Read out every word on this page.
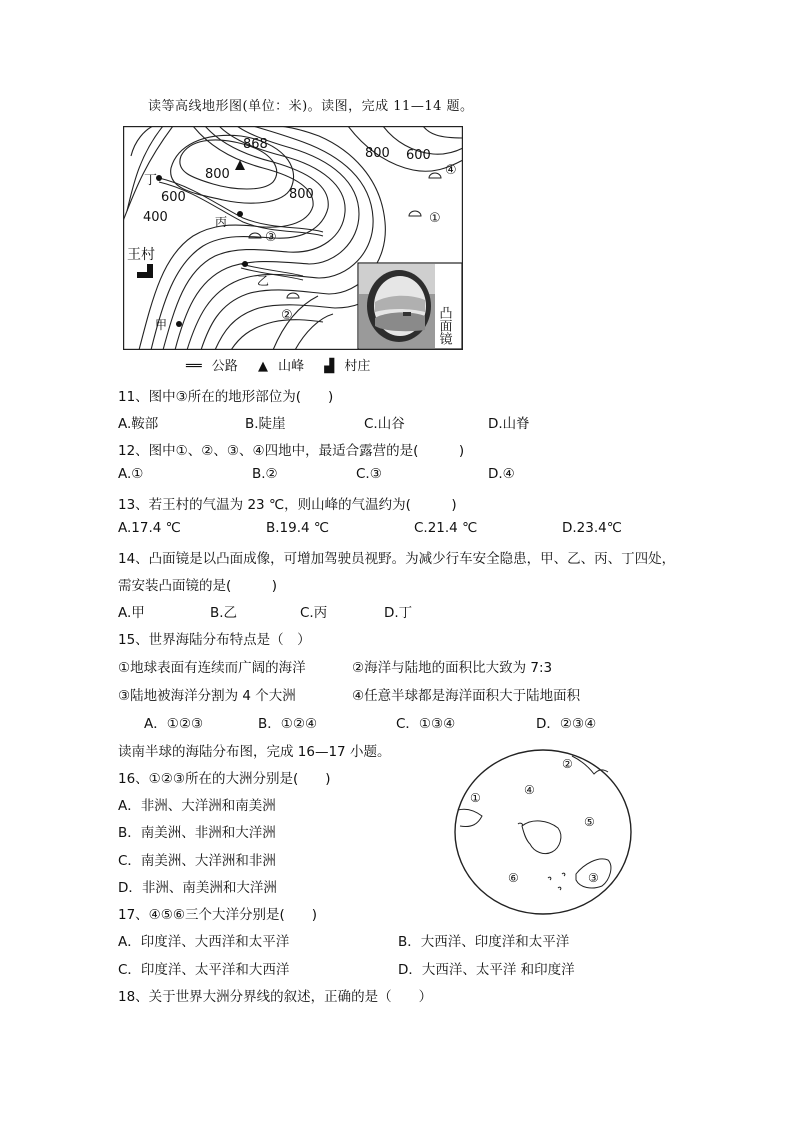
读等高线地形图(单位：米)。读图，完成 11—14 题。
868
800
800
800
600
600
400
丁
丙
乙
甲
王村
①
②
③
④
凸面镜
══ 公路 ▲ 山峰 ▟ 村庄
11、图中③所在的地形部位为(　　)
A.鞍部	B.陡崖	C.山谷	D.山脊
12、图中①、②、③、④四地中，最适合露营的是(　　　)
A.①	B.②	C.③	D.④
13、若王村的气温为 23 ℃，则山峰的气温约为(　　　)
A.17.4 ℃	B.19.4 ℃	C.21.4 ℃	D.23.4℃
14、凸面镜是以凸面成像，可增加驾驶员视野。为减少行车安全隐患，甲、乙、丙、丁四处，
需安装凸面镜的是(　　　)
A.甲	B.乙	C.丙	D.丁
15、世界海陆分布特点是（　）
①地球表面有连续而广阔的海洋	②海洋与陆地的面积比大致为 7:3
③陆地被海洋分割为 4 个大洲	④任意半球都是海洋面积大于陆地面积
A．①②③	B．①②④	C．①③④	D．②③④
读南半球的海陆分布图，完成 16—17 小题。
16、①②③所在的大洲分别是(　　)
A．非洲、大洋洲和南美洲
B．南美洲、非洲和大洋洲
C．南美洲、大洋洲和非洲
D．非洲、南美洲和大洋洲
①
②
③
④
⑤
⑥
17、④⑤⑥三个大洋分别是(　　)
A．印度洋、大西洋和太平洋	B．大西洋、印度洋和太平洋
C．印度洋、太平洋和大西洋	D．大西洋、太平洋 和印度洋
18、关于世界大洲分界线的叙述，正确的是（　　）
